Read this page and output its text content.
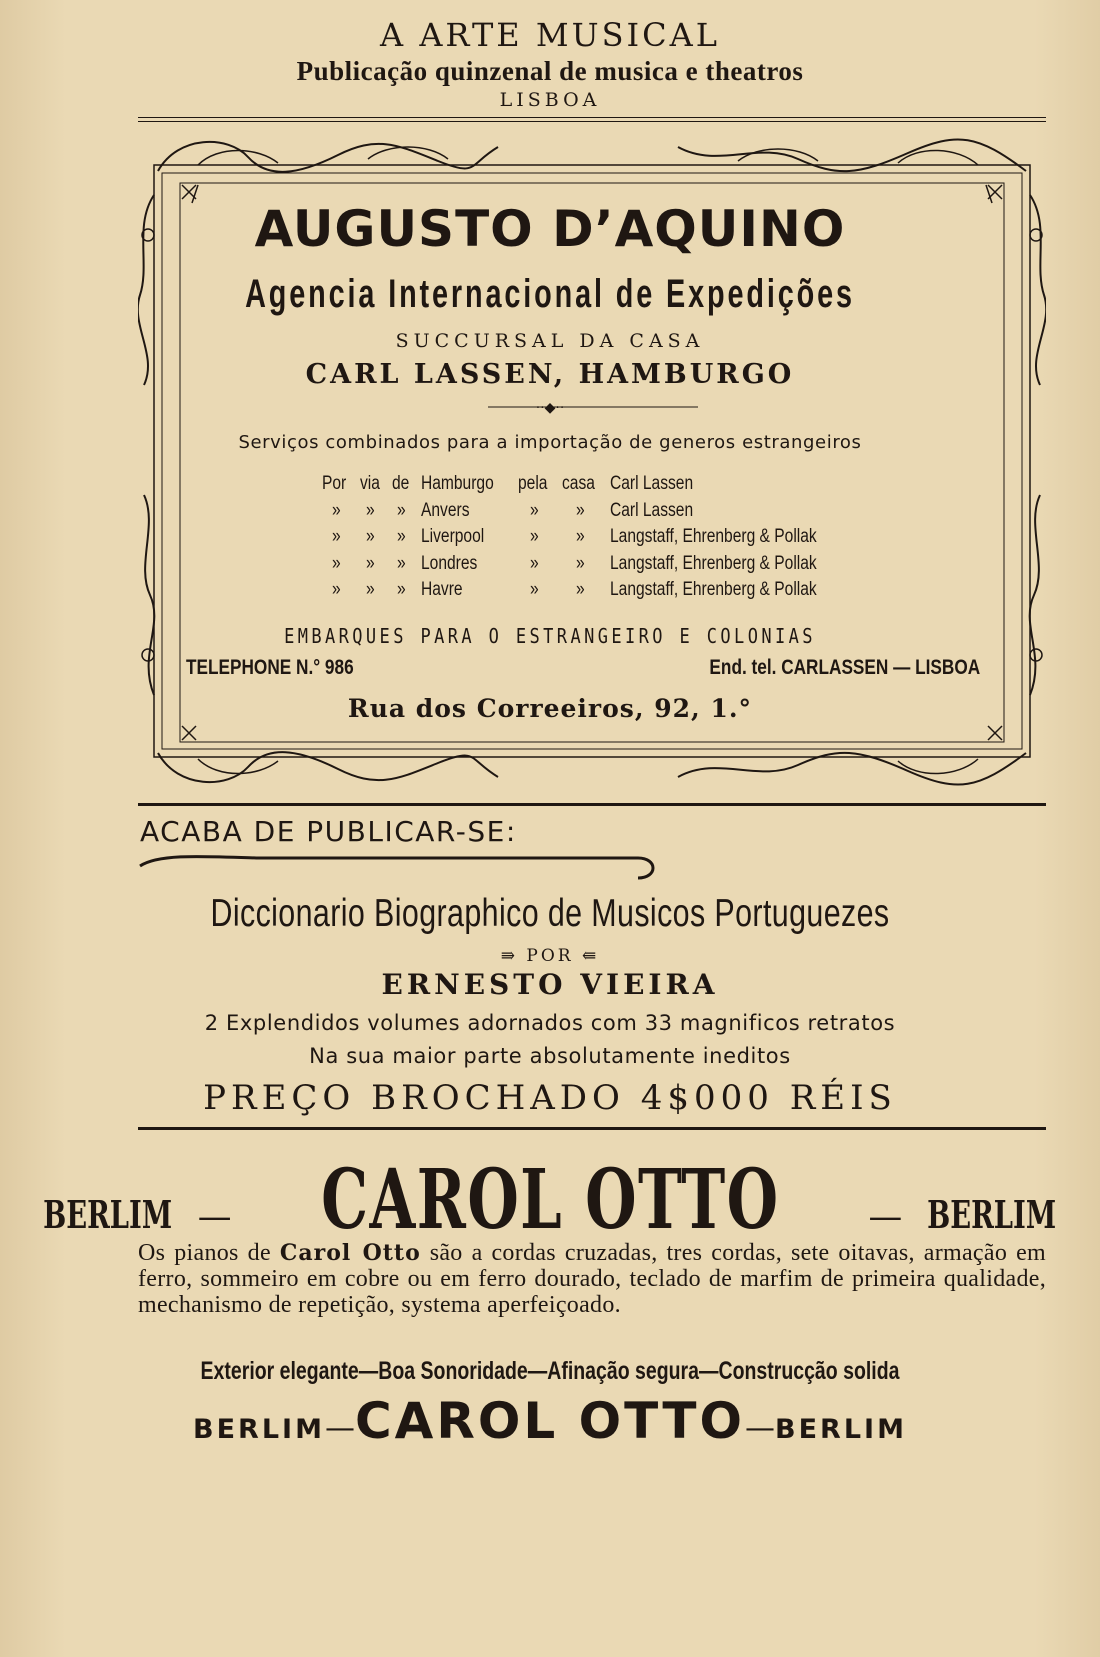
A ARTE MUSICAL
Publicação quinzenal de musica e theatros
LISBOA
AUGUSTO D’AQUINO
Agencia Internacional de Expedições
SUCCURSAL DA CASA
CARL LASSEN, HAMBURGO
··◆··
Serviços combinados para a importação de generos estrangeiros
Por	via	de	Hamburgo	pela	casa	Carl Lassen
»	»	»	Anvers	»	»	Carl Lassen
»	»	»	Liverpool	»	»	Langstaff, Ehrenberg & Pollak
»	»	»	Londres	»	»	Langstaff, Ehrenberg & Pollak
»	»	»	Havre	»	»	Langstaff, Ehrenberg & Pollak
EMBARQUES PARA O ESTRANGEIRO E COLONIAS
TELEPHONE N.° 986	End. tel. CARLASSEN — LISBOA
Rua dos Correeiros, 92, 1.°
ACABA DE PUBLICAR-SE:
Diccionario Biographico de Musicos Portuguezes
⇛ POR ⇚
ERNESTO VIEIRA
2 Explendidos volumes adornados com 33 magnificos retratos
Na sua maior parte absolutamente ineditos
PREÇO BROCHADO 4$000 RÉIS
BERLIM — CAROL OTTO	— BERLIM
Os pianos de Carol Otto são a cordas cruzadas, tres cordas, sete oitavas, armação em ferro, sommeiro em cobre ou em ferro dourado, teclado de marfim de primeira qualidade, mechanismo de repetição, systema aperfeiçoado.
Exterior elegante—Boa Sonoridade—Afinação segura—Construcção solida
BERLIM—CAROL OTTO—BERLIM
